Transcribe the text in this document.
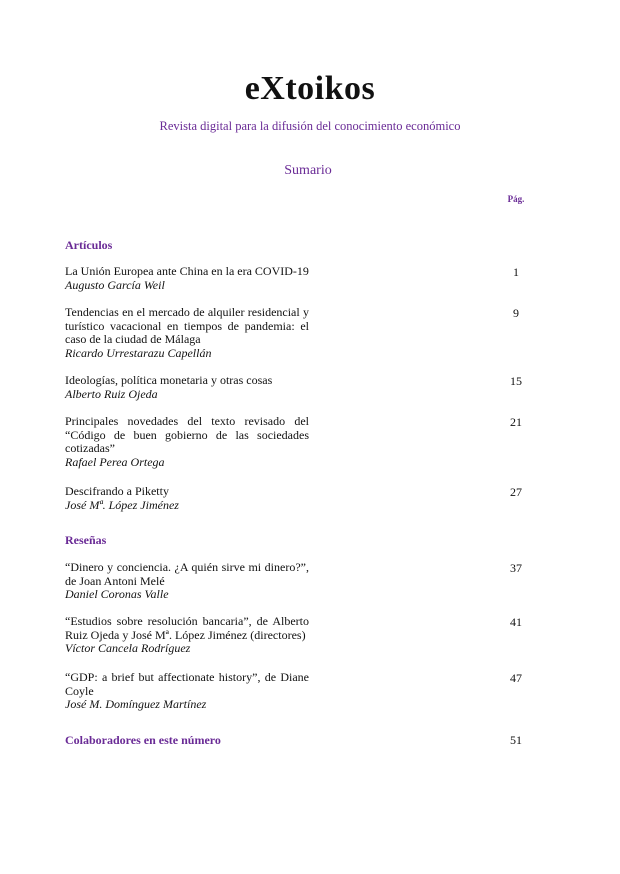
eXtoikos
Revista digital para la difusión del conocimiento económico
Sumario
Pág.
Artículos
La Unión Europea ante China en la era COVID-19
Augusto García Weil
1
Tendencias en el mercado de alquiler residencial y turístico vacacional en tiempos de pandemia: el caso de la ciudad de Málaga
Ricardo Urrestarazu Capellán
9
Ideologías, política monetaria y otras cosas
Alberto Ruiz Ojeda
15
Principales novedades del texto revisado del “Código de buen gobierno de las sociedades cotizadas”
Rafael Perea Ortega
21
Descifrando a Piketty
José Mª. López Jiménez
27
Reseñas
“Dinero y conciencia. ¿A quién sirve mi dinero?”, de Joan Antoni Melé
Daniel Coronas Valle
37
“Estudios sobre resolución bancaria”, de Alberto Ruiz Ojeda y José Mª. López Jiménez (directores)
Víctor Cancela Rodríguez
41
“GDP: a brief but affectionate history”, de Diane Coyle
José M. Domínguez Martínez
47
Colaboradores en este número	51
